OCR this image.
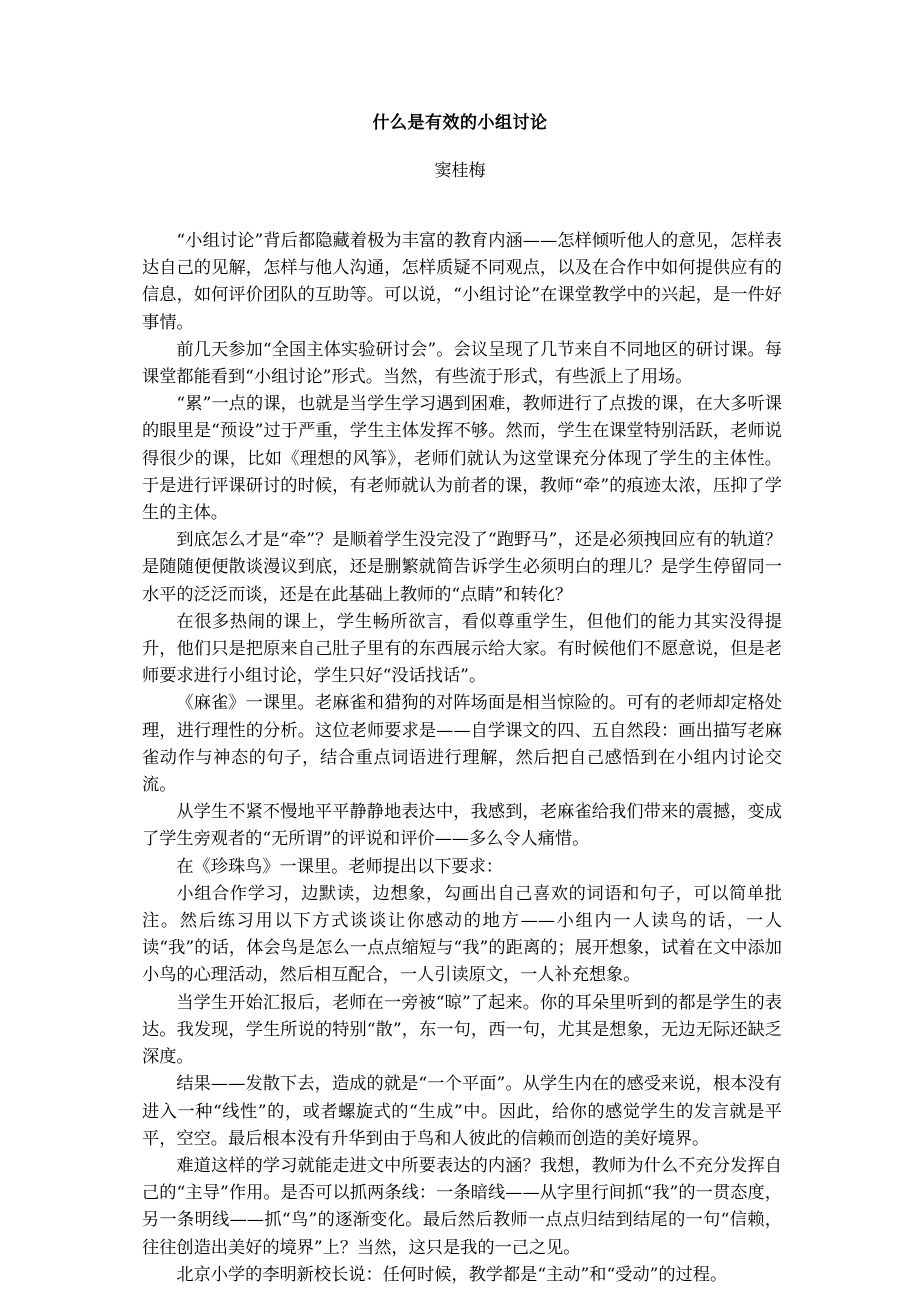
什么是有效的小组讨论
窦桂梅

“小组讨论”背后都隐藏着极为丰富的教育内涵——怎样倾听他人的意见，怎样表达自己的见解，怎样与他人沟通，怎样质疑不同观点，以及在合作中如何提供应有的信息，如何评价团队的互助等。可以说，“小组讨论”在课堂教学中的兴起，是一件好事情。

前几天参加“全国主体实验研讨会”。会议呈现了几节来自不同地区的研讨课。每课堂都能看到“小组讨论”形式。当然，有些流于形式，有些派上了用场。

“累”一点的课，也就是当学生学习遇到困难，教师进行了点拨的课，在大多听课的眼里是“预设”过于严重，学生主体发挥不够。然而，学生在课堂特别活跃，老师说得很少的课，比如《理想的风筝》，老师们就认为这堂课充分体现了学生的主体性。于是进行评课研讨的时候，有老师就认为前者的课，教师“牵”的痕迹太浓，压抑了学生的主体。

到底怎么才是“牵”？是顺着学生没完没了“跑野马”，还是必须拽回应有的轨道？是随随便便散谈漫议到底，还是删繁就简告诉学生必须明白的理儿？是学生停留同一水平的泛泛而谈，还是在此基础上教师的“点睛”和转化？

在很多热闹的课上，学生畅所欲言，看似尊重学生，但他们的能力其实没得提升，他们只是把原来自己肚子里有的东西展示给大家。有时候他们不愿意说，但是老师要求进行小组讨论，学生只好“没话找话”。

《麻雀》一课里。老麻雀和猎狗的对阵场面是相当惊险的。可有的老师却定格处理，进行理性的分析。这位老师要求是——自学课文的四、五自然段：画出描写老麻雀动作与神态的句子，结合重点词语进行理解，然后把自己感悟到在小组内讨论交流。

从学生不紧不慢地平平静静地表达中，我感到，老麻雀给我们带来的震撼，变成了学生旁观者的“无所谓”的评说和评价——多么令人痛惜。

在《珍珠鸟》一课里。老师提出以下要求：

小组合作学习，边默读，边想象，勾画出自己喜欢的词语和句子，可以简单批注。然后练习用以下方式谈谈让你感动的地方——小组内一人读鸟的话，一人读“我”的话，体会鸟是怎么一点点缩短与“我”的距离的；展开想象，试着在文中添加小鸟的心理活动，然后相互配合，一人引读原文，一人补充想象。

当学生开始汇报后，老师在一旁被“晾”了起来。你的耳朵里听到的都是学生的表达。我发现，学生所说的特别“散”，东一句，西一句，尤其是想象，无边无际还缺乏深度。

结果——发散下去，造成的就是“一个平面”。从学生内在的感受来说，根本没有进入一种“线性”的，或者螺旋式的“生成”中。因此，给你的感觉学生的发言就是平平，空空。最后根本没有升华到由于鸟和人彼此的信赖而创造的美好境界。

难道这样的学习就能走进文中所要表达的内涵？我想，教师为什么不充分发挥自己的“主导”作用。是否可以抓两条线：一条暗线——从字里行间抓“我”的一贯态度，另一条明线——抓“鸟”的逐渐变化。最后然后教师一点点归结到结尾的一句“信赖，往往创造出美好的境界”上？当然，这只是我的一己之见。

北京小学的李明新校长说：任何时候，教学都是“主动”和“受动”的过程。
